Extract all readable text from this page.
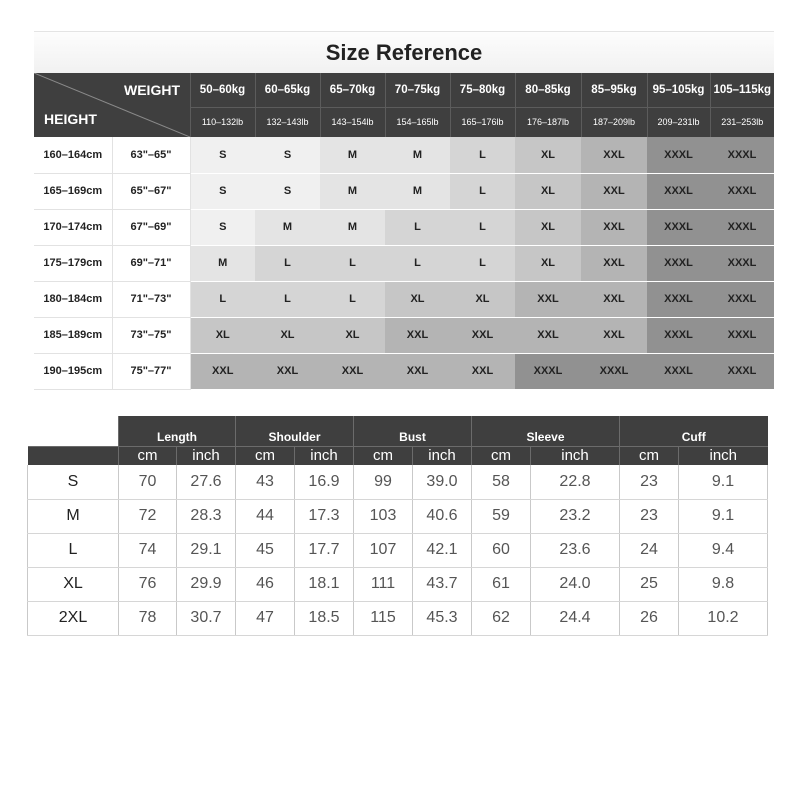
Size Reference
WEIGHT
HEIGHT		50–60kg	60–65kg	65–70kg	70–75kg	75–80kg	80–85kg	85–95kg	95–105kg	105–115kg
		110–132lb	132–143lb	143–154lb	154–165lb	165–176lb	176–187lb	187–209lb	209–231lb	231–253lb
160–164cm	63"–65"	S	S	M	M	L	XL	XXL	XXXL	XXXL
165–169cm	65"–67"	S	S	M	M	L	XL	XXL	XXXL	XXXL
170–174cm	67"–69"	S	M	M	L	L	XL	XXL	XXXL	XXXL
175–179cm	69"–71"	M	L	L	L	L	XL	XXL	XXXL	XXXL
180–184cm	71"–73"	L	L	L	XL	XL	XXL	XXL	XXXL	XXXL
185–189cm	73"–75"	XL	XL	XL	XXL	XXL	XXL	XXL	XXXL	XXXL
190–195cm	75"–77"	XXL	XXL	XXL	XXL	XXL	XXXL	XXXL	XXXL	XXXL
	Length		Shoulder		Bust		Sleeve		Cuff	
	cm	inch	cm	inch	cm	inch	cm	inch	cm	inch
S	70	27.6	43	16.9	99	39.0	58	22.8	23	9.1
M	72	28.3	44	17.3	103	40.6	59	23.2	23	9.1
L	74	29.1	45	17.7	107	42.1	60	23.6	24	9.4
XL	76	29.9	46	18.1	111	43.7	61	24.0	25	9.8
2XL	78	30.7	47	18.5	115	45.3	62	24.4	26	10.2
